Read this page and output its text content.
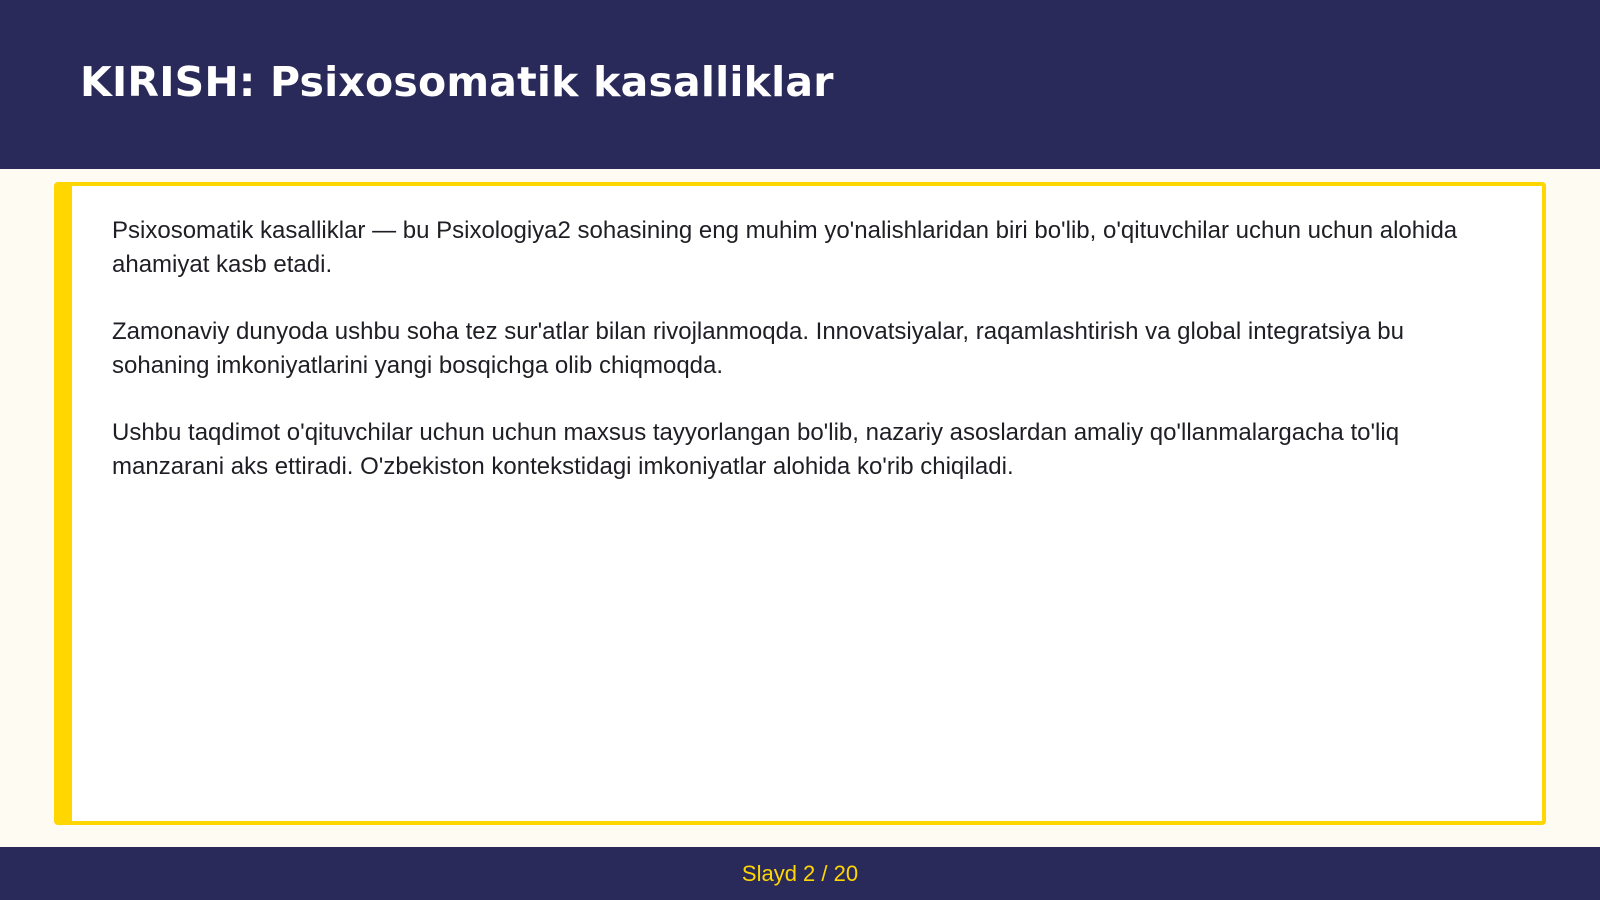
KIRISH: Psixosomatik kasalliklar

Psixosomatik kasalliklar — bu Psixologiya2 sohasining eng muhim yo'nalishlaridan biri bo'lib, o'qituvchilar uchun uchun alohida ahamiyat kasb etadi.

Zamonaviy dunyoda ushbu soha tez sur'atlar bilan rivojlanmoqda. Innovatsiyalar, raqamlashtirish va global integratsiya bu sohaning imkoniyatlarini yangi bosqichga olib chiqmoqda.

Ushbu taqdimot o'qituvchilar uchun uchun maxsus tayyorlangan bo'lib, nazariy asoslardan amaliy qo'llanmalargacha to'liq manzarani aks ettiradi. O'zbekiston kontekstidagi imkoniyatlar alohida ko'rib chiqiladi.

Slayd 2 / 20
